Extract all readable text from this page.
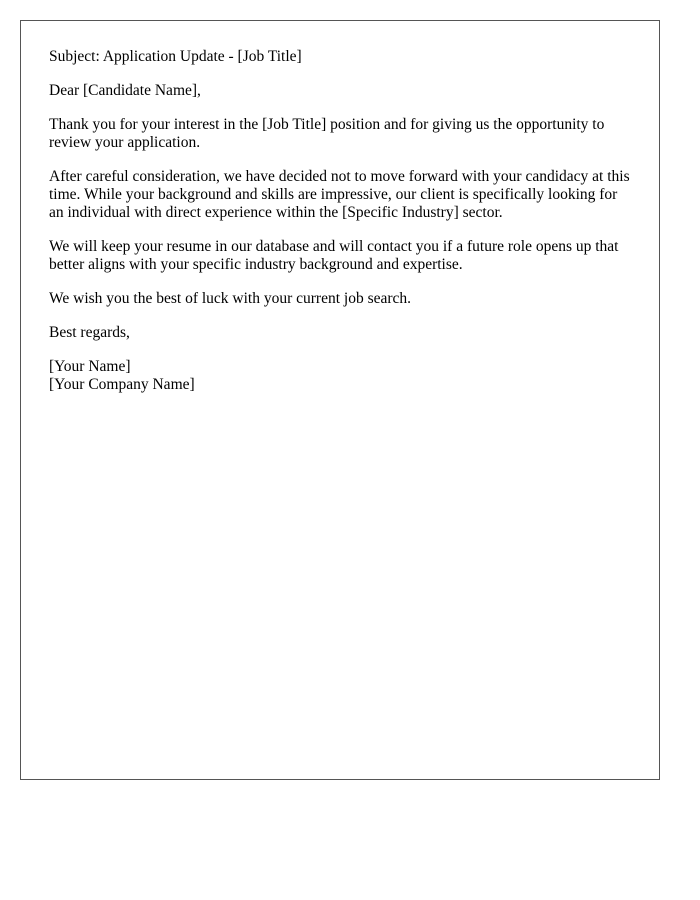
Subject: Application Update - [Job Title]

Dear [Candidate Name],

Thank you for your interest in the [Job Title] position and for giving us the opportunity to review your application.

After careful consideration, we have decided not to move forward with your candidacy at this time. While your background and skills are impressive, our client is specifically looking for an individual with direct experience within the [Specific Industry] sector.

We will keep your resume in our database and will contact you if a future role opens up that better aligns with your specific industry background and expertise.

We wish you the best of luck with your current job search.

Best regards,

[Your Name]
[Your Company Name]
